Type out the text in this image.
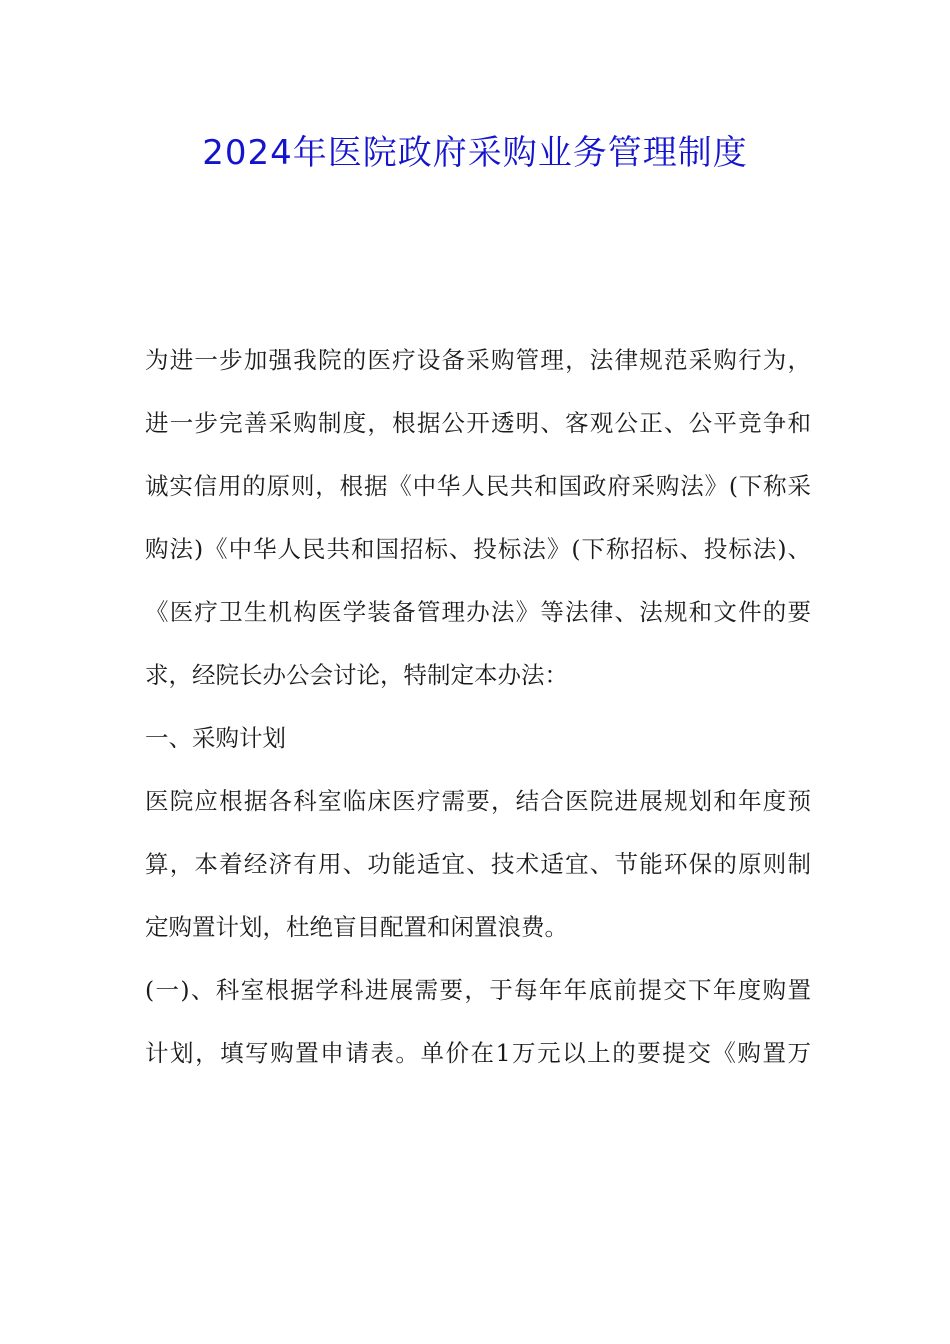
2024年医院政府采购业务管理制度
为进一步加强我院的医疗设备采购管理，法律规范采购行为，
进一步完善采购制度，根据公开透明、客观公正、公平竞争和
诚实信用的原则，根据《中华人民共和国政府采购法》(下称采
购法)《中华人民共和国招标、投标法》(下称招标、投标法)、
《医疗卫生机构医学装备管理办法》等法律、法规和文件的要
求，经院长办公会讨论，特制定本办法：
一、采购计划
医院应根据各科室临床医疗需要，结合医院进展规划和年度预
算，本着经济有用、功能适宜、技术适宜、节能环保的原则制
定购置计划，杜绝盲目配置和闲置浪费。
(一)、科室根据学科进展需要，于每年年底前提交下年度购置
计划，填写购置申请表。单价在1万元以上的要提交《购置万
